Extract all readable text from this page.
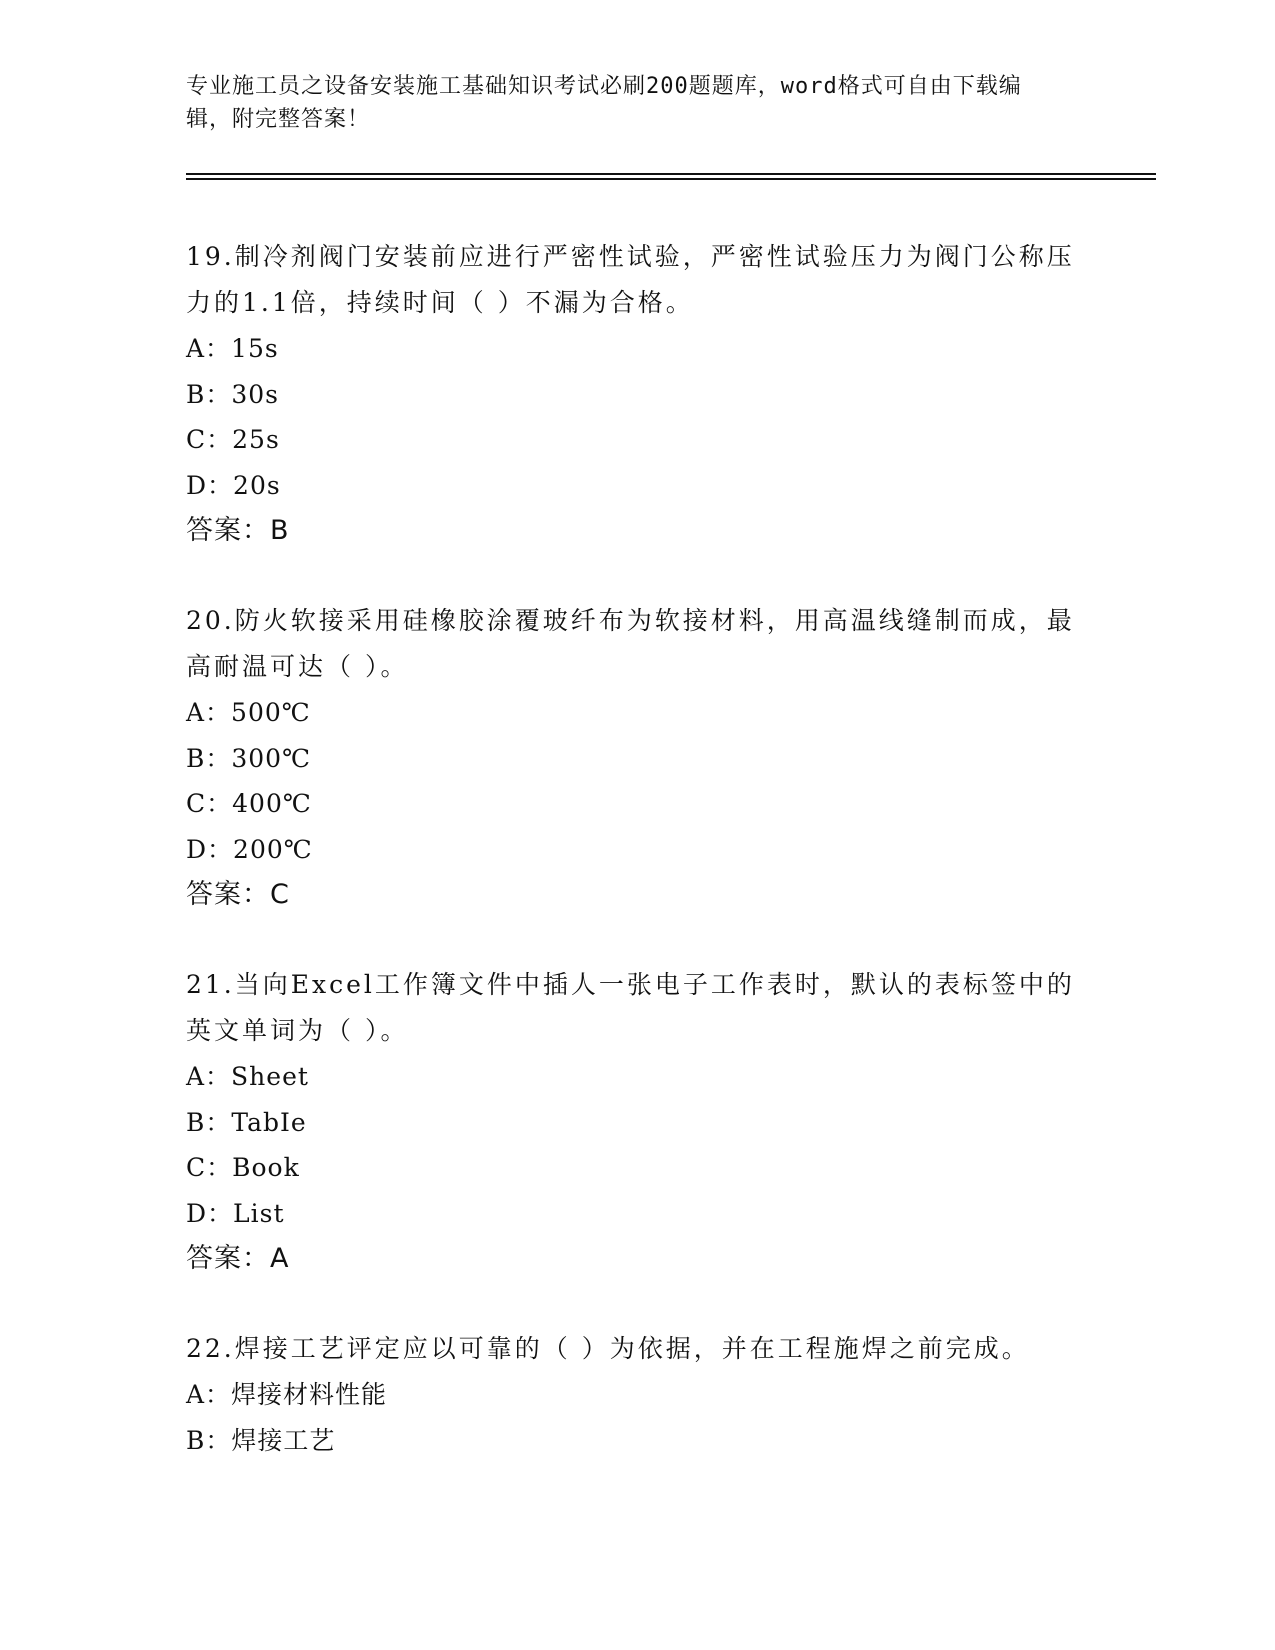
专业施工员之设备安装施工基础知识考试必刷200题题库，word格式可自由下载编辑，附完整答案！
19.制冷剂阀门安装前应进行严密性试验，严密性试验压力为阀门公称压力的1.1倍，持续时间（ ）不漏为合格。
A：15s
B：30s
C：25s
D：20s
答案：B
20.防火软接采用硅橡胶涂覆玻纤布为软接材料，用高温线缝制而成，最高耐温可达（ ）。
A：500℃
B：300℃
C：400℃
D：200℃
答案：C
21.当向Excel工作簿文件中插人一张电子工作表时，默认的表标签中的英文单词为（ ）。
A：Sheet
B：TabIe
C：Book
D：List
答案：A
22.焊接工艺评定应以可靠的（ ）为依据，并在工程施焊之前完成。
A：焊接材料性能
B：焊接工艺
